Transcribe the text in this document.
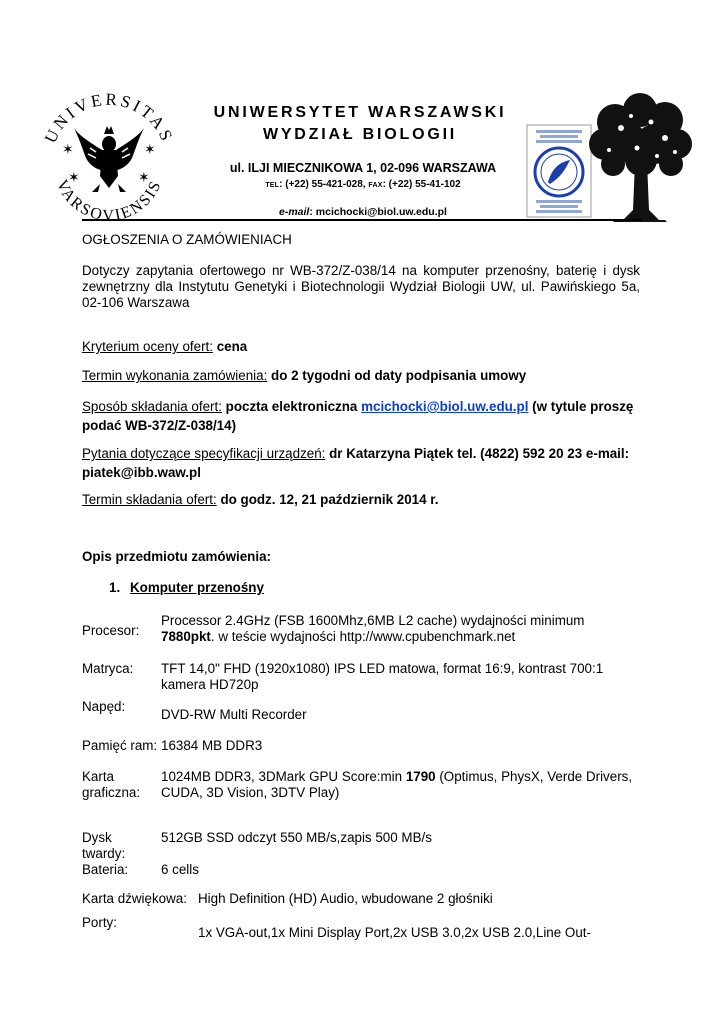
UNIVERSITAS
VARSOVIENSIS
✶	✶
✶	✶
UNIWERSYTET WARSZAWSKI
WYDZIAŁ BIOLOGII
ul. ILJI MIECZNIKOWA 1, 02-096 WARSZAWA
TEL: (+22) 55-421-028, FAX: (+22) 55-41-102
e-mail: mcichocki@biol.uw.edu.pl
OGŁOSZENIA O ZAMÓWIENIACH
Dotyczy zapytania ofertowego nr WB-372/Z-038/14 na komputer przenośny, baterię i dysk zewnętrzny dla Instytutu Genetyki i Biotechnologii Wydział Biologii UW, ul. Pawińskiego 5a, 02-106 Warszawa
Kryterium oceny ofert: cena
Termin wykonania zamówienia: do 2 tygodni od daty podpisania umowy
Sposób składania ofert: poczta elektroniczna mcichocki@biol.uw.edu.pl (w tytule proszę
podać WB-372/Z-038/14)
Pytania dotyczące specyfikacji urządzeń: dr Katarzyna Piątek tel. (4822) 592 20 23 e-mail:
piatek@ibb.waw.pl
Termin składania ofert: do godz. 12, 21 październik 2014 r.
Opis przedmiotu zamówienia:
1. Komputer przenośny
Procesor:
Processor 2.4GHz (FSB 1600Mhz,6MB L2 cache) wydajności minimum
7880pkt. w teście wydajności http://www.cpubenchmark.net
Matryca: TFT 14,0" FHD (1920x1080) IPS LED matowa, format 16:9, kontrast 700:1
kamera HD720p
Napęd:
DVD-RW Multi Recorder
Pamięć ram: 16384 MB DDR3
Karta
graficzna:
1024MB DDR3, 3DMark GPU Score:min 1790 (Optimus, PhysX, Verde Drivers,
CUDA, 3D Vision, 3DTV Play)
Dysk
twardy:
512GB SSD odczyt 550 MB/s,zapis 500 MB/s
Bateria: 6 cells
Karta dźwiękowa: High Definition (HD) Audio, wbudowane 2 głośniki
Porty:
1x VGA-out,1x Mini Display Port,2x USB 3.0,2x USB 2.0,Line Out-
